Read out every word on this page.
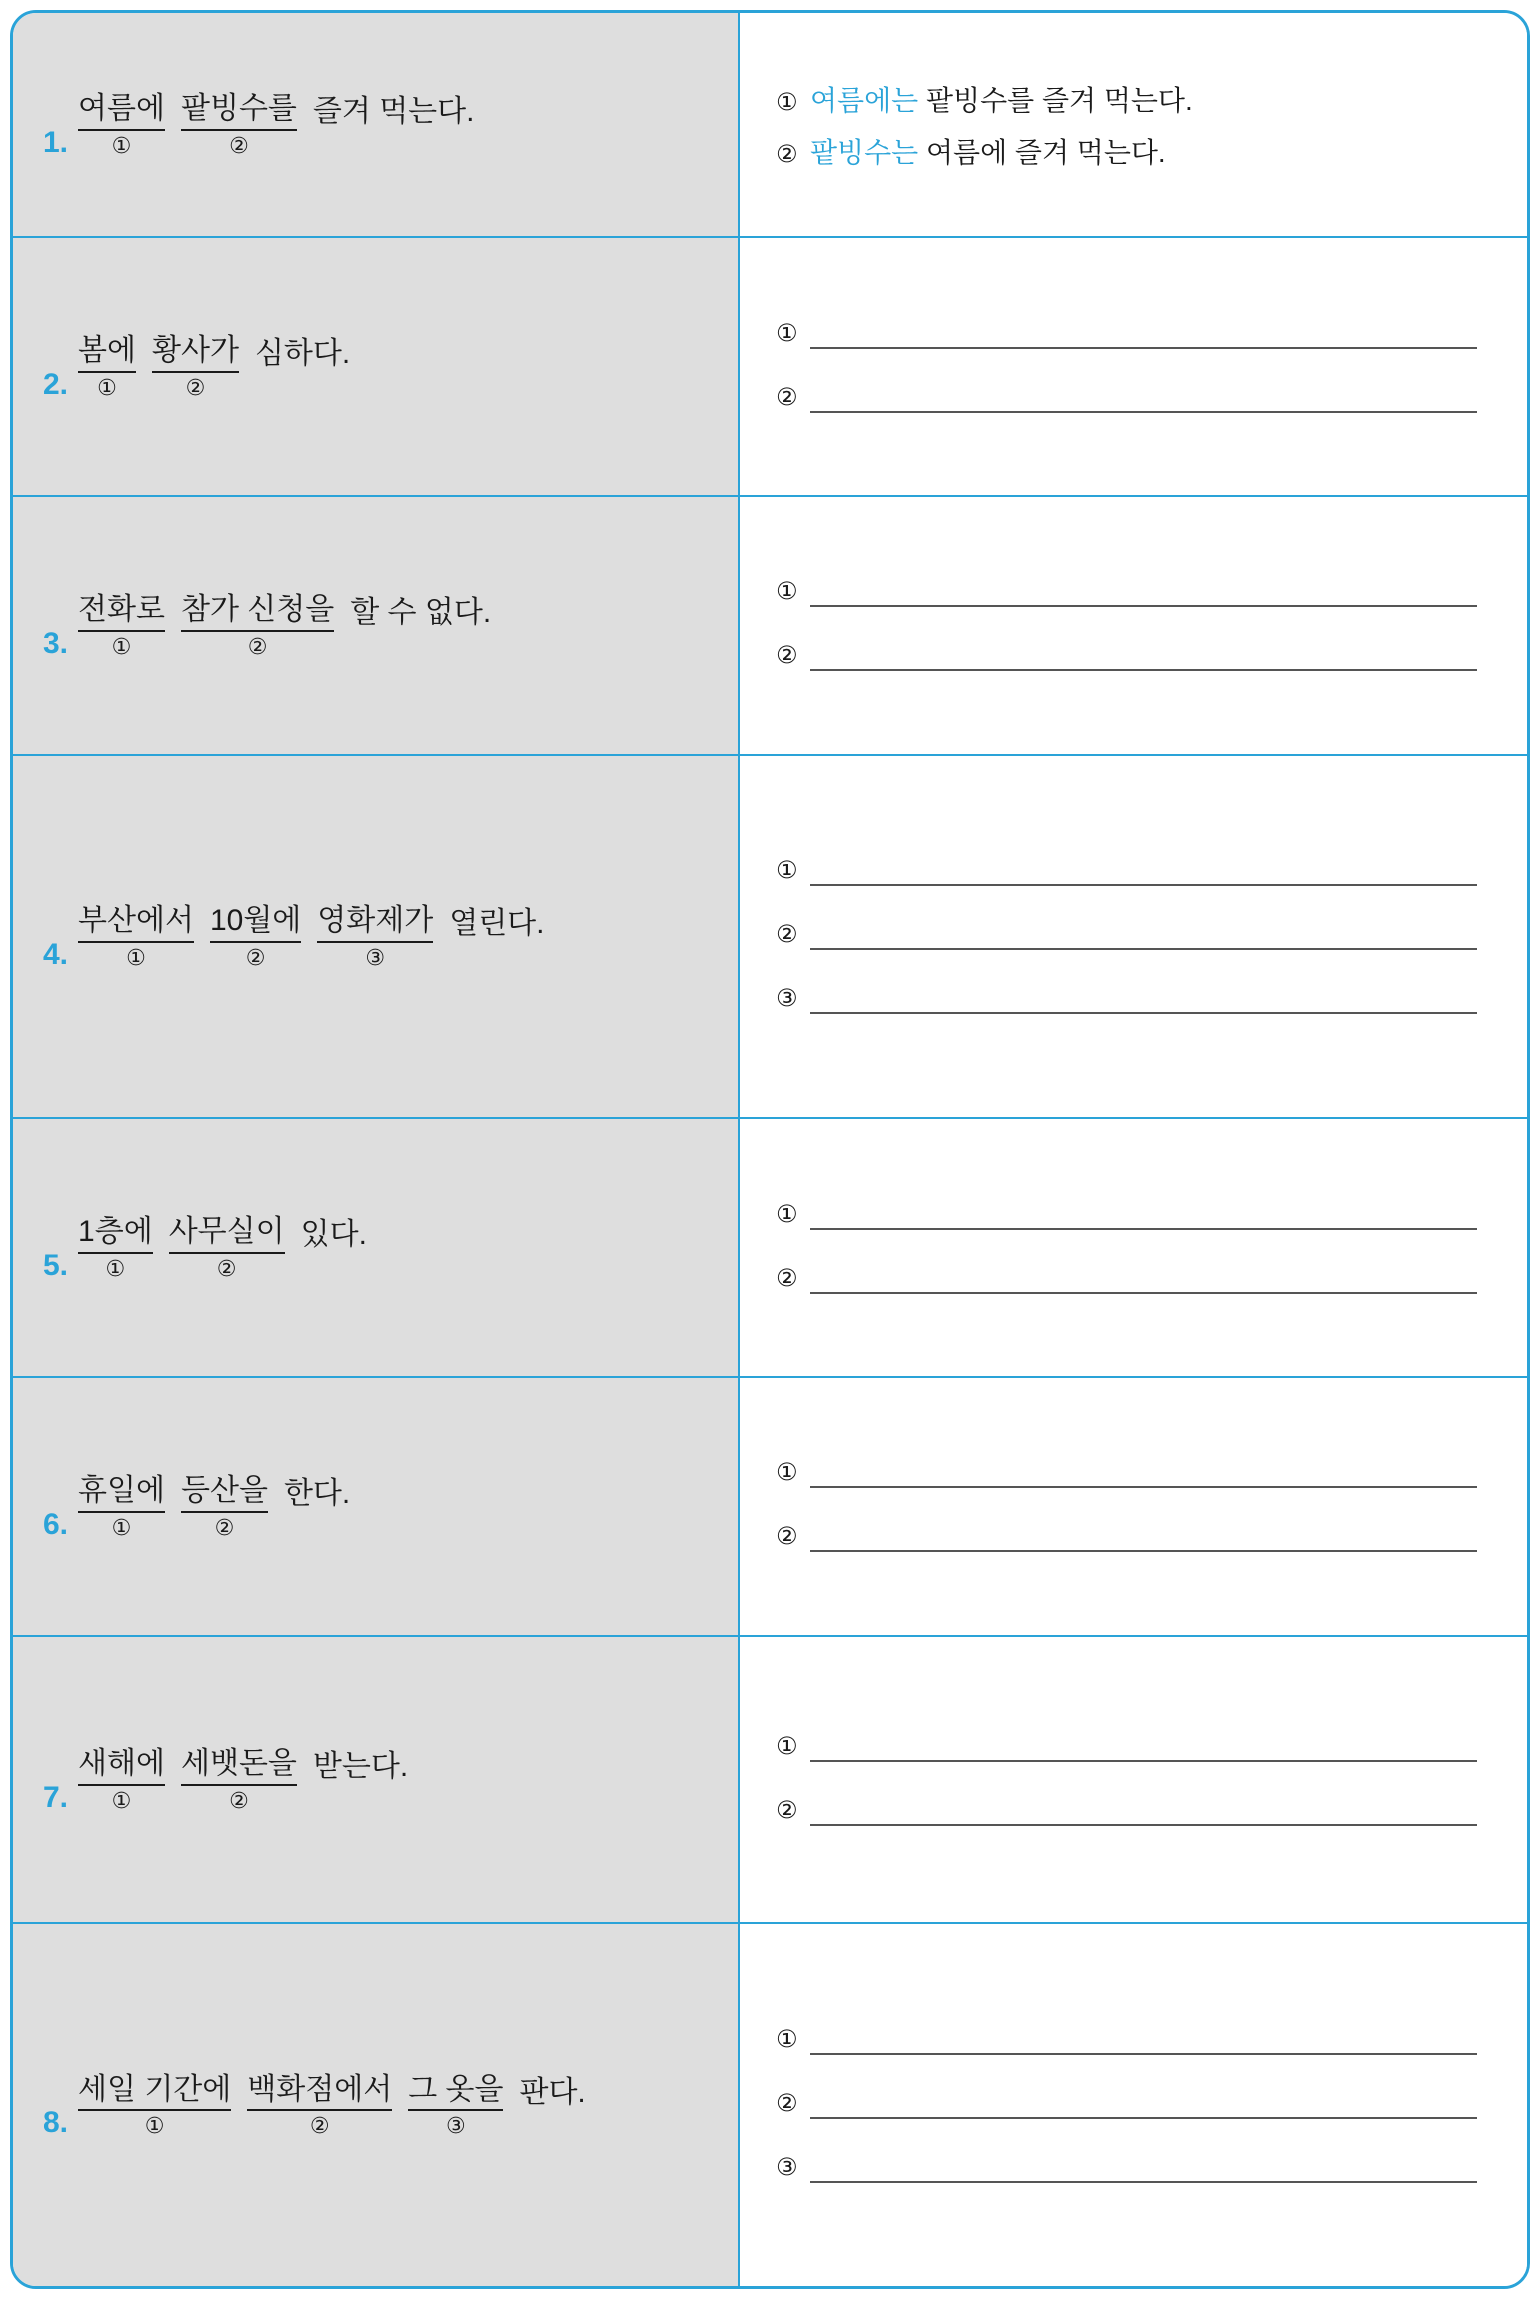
1.
여름에
①
팥빙수를
②
즐겨 먹는다.	① 여름에는 팥빙수를 즐겨 먹는다.
② 팥빙수는 여름에 즐겨 먹는다.
2.
봄에
①
황사가
②
심하다.
①
②
3.
전화로
①
참가 신청을
②
할 수 없다.
①
②
4.
부산에서
①
10월에
②
영화제가
③
열린다.
①
②
③
5.
1층에
①
사무실이
②
있다.
①
②
6.
휴일에
①
등산을
②
한다.
①
②
7.
새해에
①
세뱃돈을
②
받는다.
①
②
8.
세일 기간에
①
백화점에서
②
그 옷을
③
판다.
①
②
③
